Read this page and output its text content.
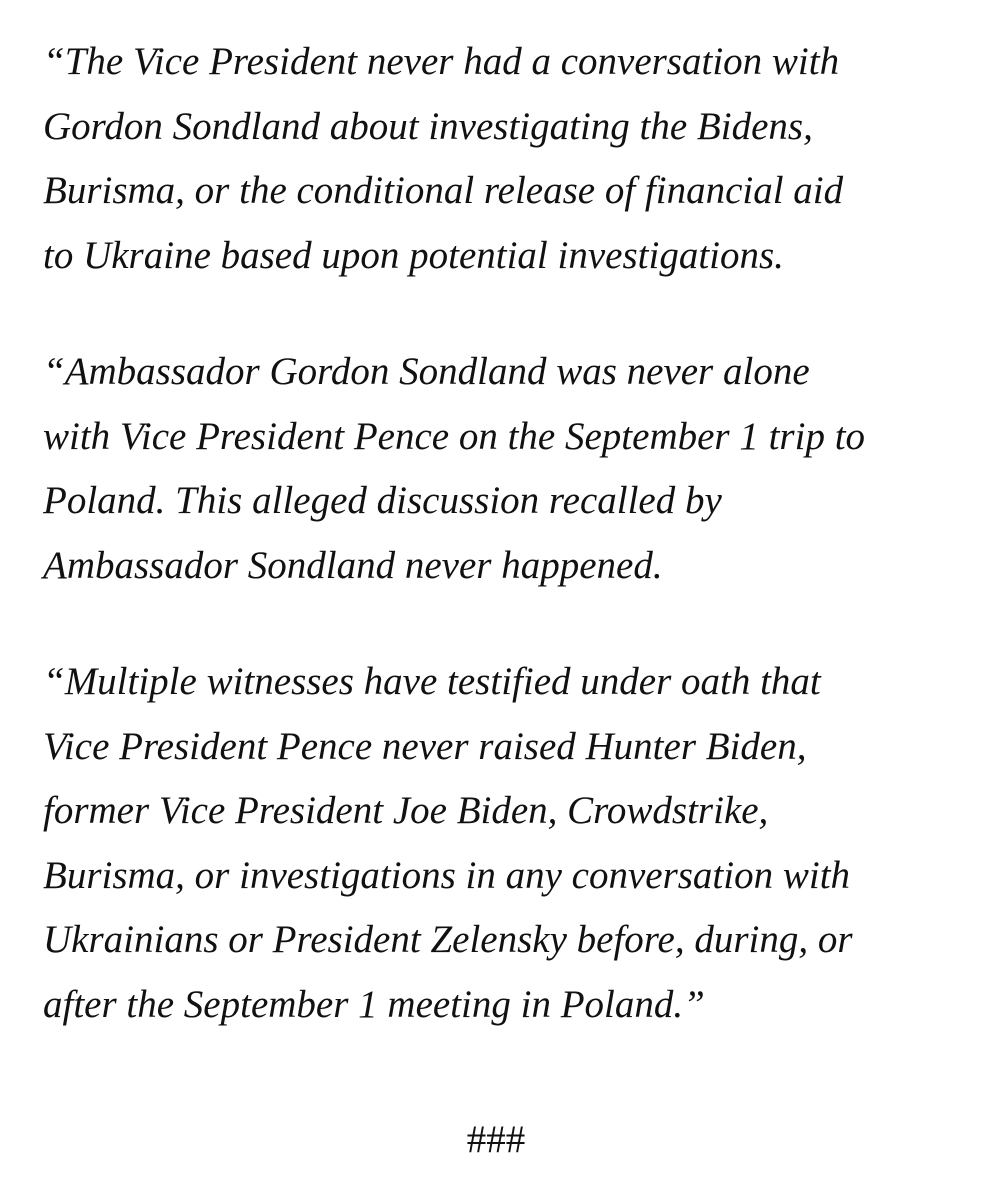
“The Vice President never had a conversation with
Gordon Sondland about investigating the Bidens,
Burisma, or the conditional release of financial aid
to Ukraine based upon potential investigations.
“Ambassador Gordon Sondland was never alone
with Vice President Pence on the September 1 trip to
Poland. This alleged discussion recalled by
Ambassador Sondland never happened.
“Multiple witnesses have testified under oath that
Vice President Pence never raised Hunter Biden,
former Vice President Joe Biden, Crowdstrike,
Burisma, or investigations in any conversation with
Ukrainians or President Zelensky before, during, or
after the September 1 meeting in Poland.”
###
